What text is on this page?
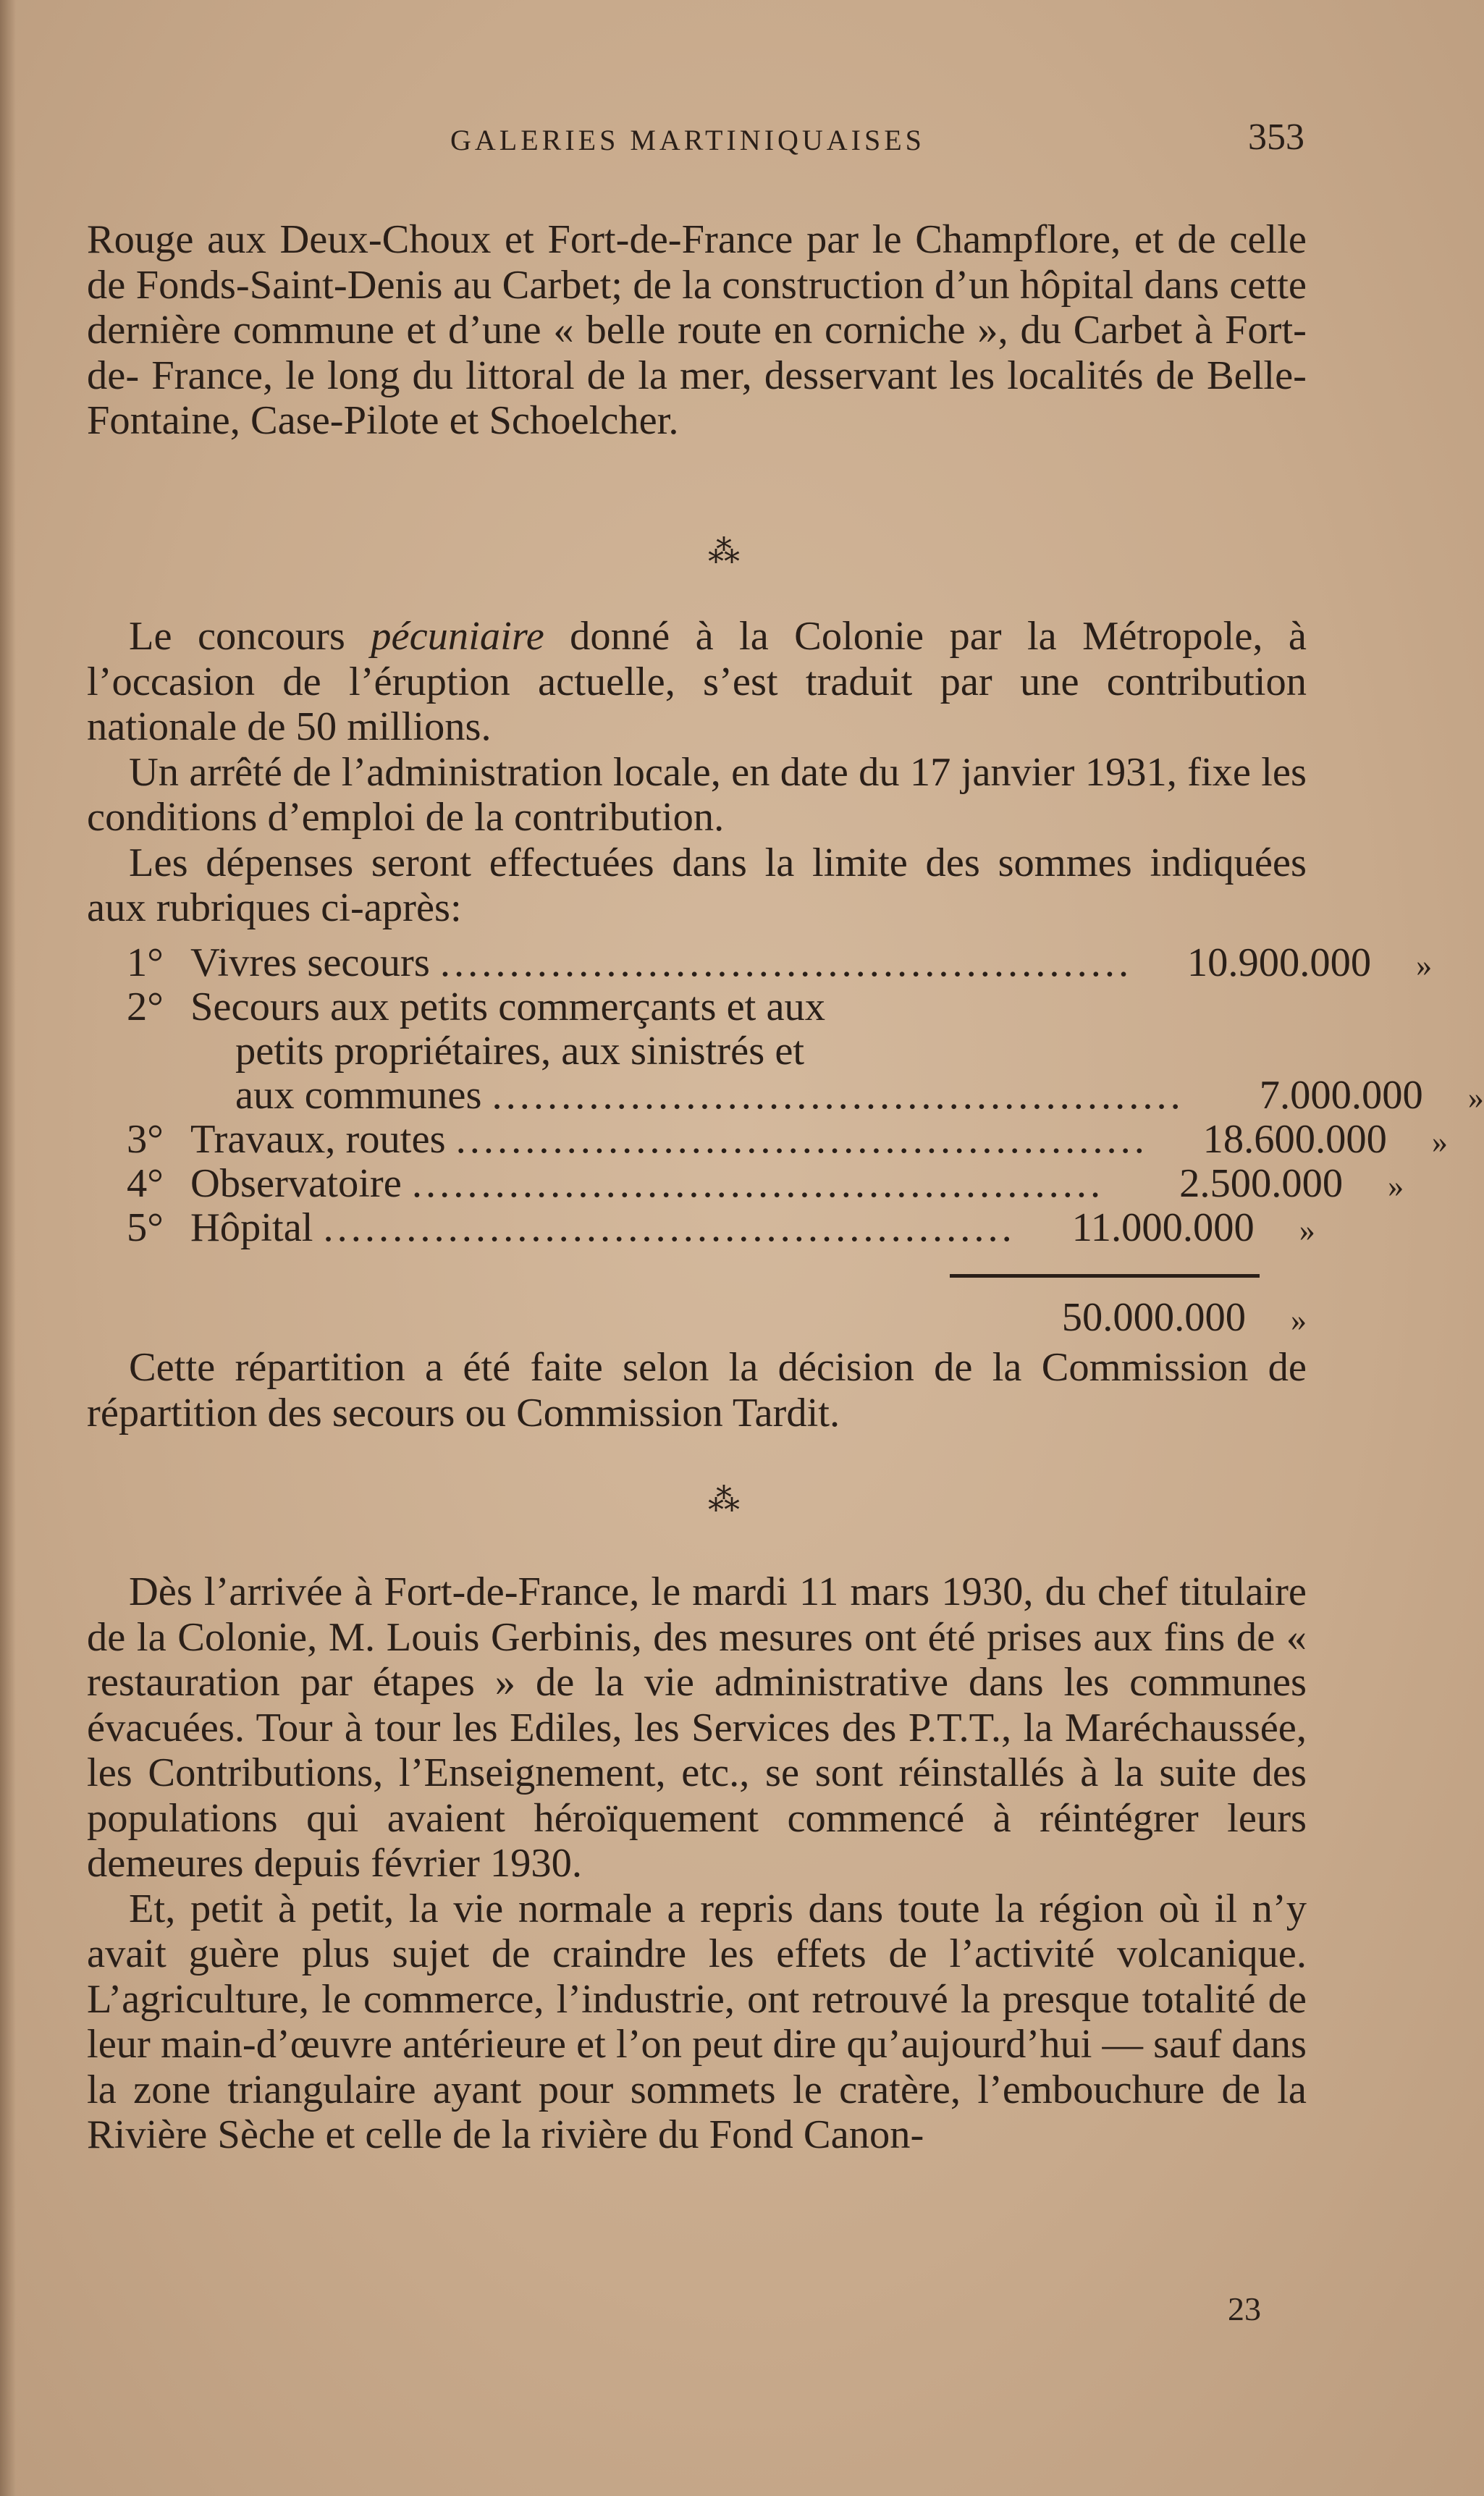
GALERIES MARTINIQUAISES	353

Rouge aux Deux-Choux et Fort-de-France par le Champflore, et de celle de Fonds-Saint-Denis au Carbet; de la construction d’un hôpital dans cette dernière commune et d’une « belle route en corniche », du Carbet à Fort-de- France, le long du littoral de la mer, desservant les localités de Belle-Fontaine, Case-Pilote et Schoelcher.

⁂

Le concours pécuniaire donné à la Colonie par la Métropole, à l’occasion de l’éruption actuelle, s’est traduit par une contribution nationale de 50 millions.

Un arrêté de l’administration locale, en date du 17 janvier 1931, fixe les conditions d’emploi de la contribution.

Les dépenses seront effectuées dans la limite des sommes indiquées aux rubriques ci-après:

1° Vivres secours ..................................................	10.900.000	»
2° Secours aux petits commerçants et aux
petits propriétaires, aux sinistrés et
aux communes ..................................................	7.000.000	»
3° Travaux, routes ..................................................	18.600.000	»
4° Observatoire ..................................................	2.500.000	»
5° Hôpital ..................................................	11.000.000	»
50.000.000	»

Cette répartition a été faite selon la décision de la Commission de répartition des secours ou Commission Tardit.

⁂

Dès l’arrivée à Fort-de-France, le mardi 11 mars 1930, du chef titulaire de la Colonie, M. Louis Gerbinis, des mesures ont été prises aux fins de « restauration par étapes » de la vie administrative dans les communes évacuées. Tour à tour les Ediles, les Services des P.T.T., la Maréchaussée, les Contributions, l’Enseignement, etc., se sont réinstallés à la suite des populations qui avaient héroïquement commencé à réintégrer leurs demeures depuis février 1930.

Et, petit à petit, la vie normale a repris dans toute la région où il n’y avait guère plus sujet de craindre les effets de l’activité volcanique. L’agriculture, le commerce, l’industrie, ont retrouvé la presque totalité de leur main-d’œuvre antérieure et l’on peut dire qu’aujourd’hui — sauf dans la zone triangulaire ayant pour sommets le cratère, l’embouchure de la Rivière Sèche et celle de la rivière du Fond Canon-

23
